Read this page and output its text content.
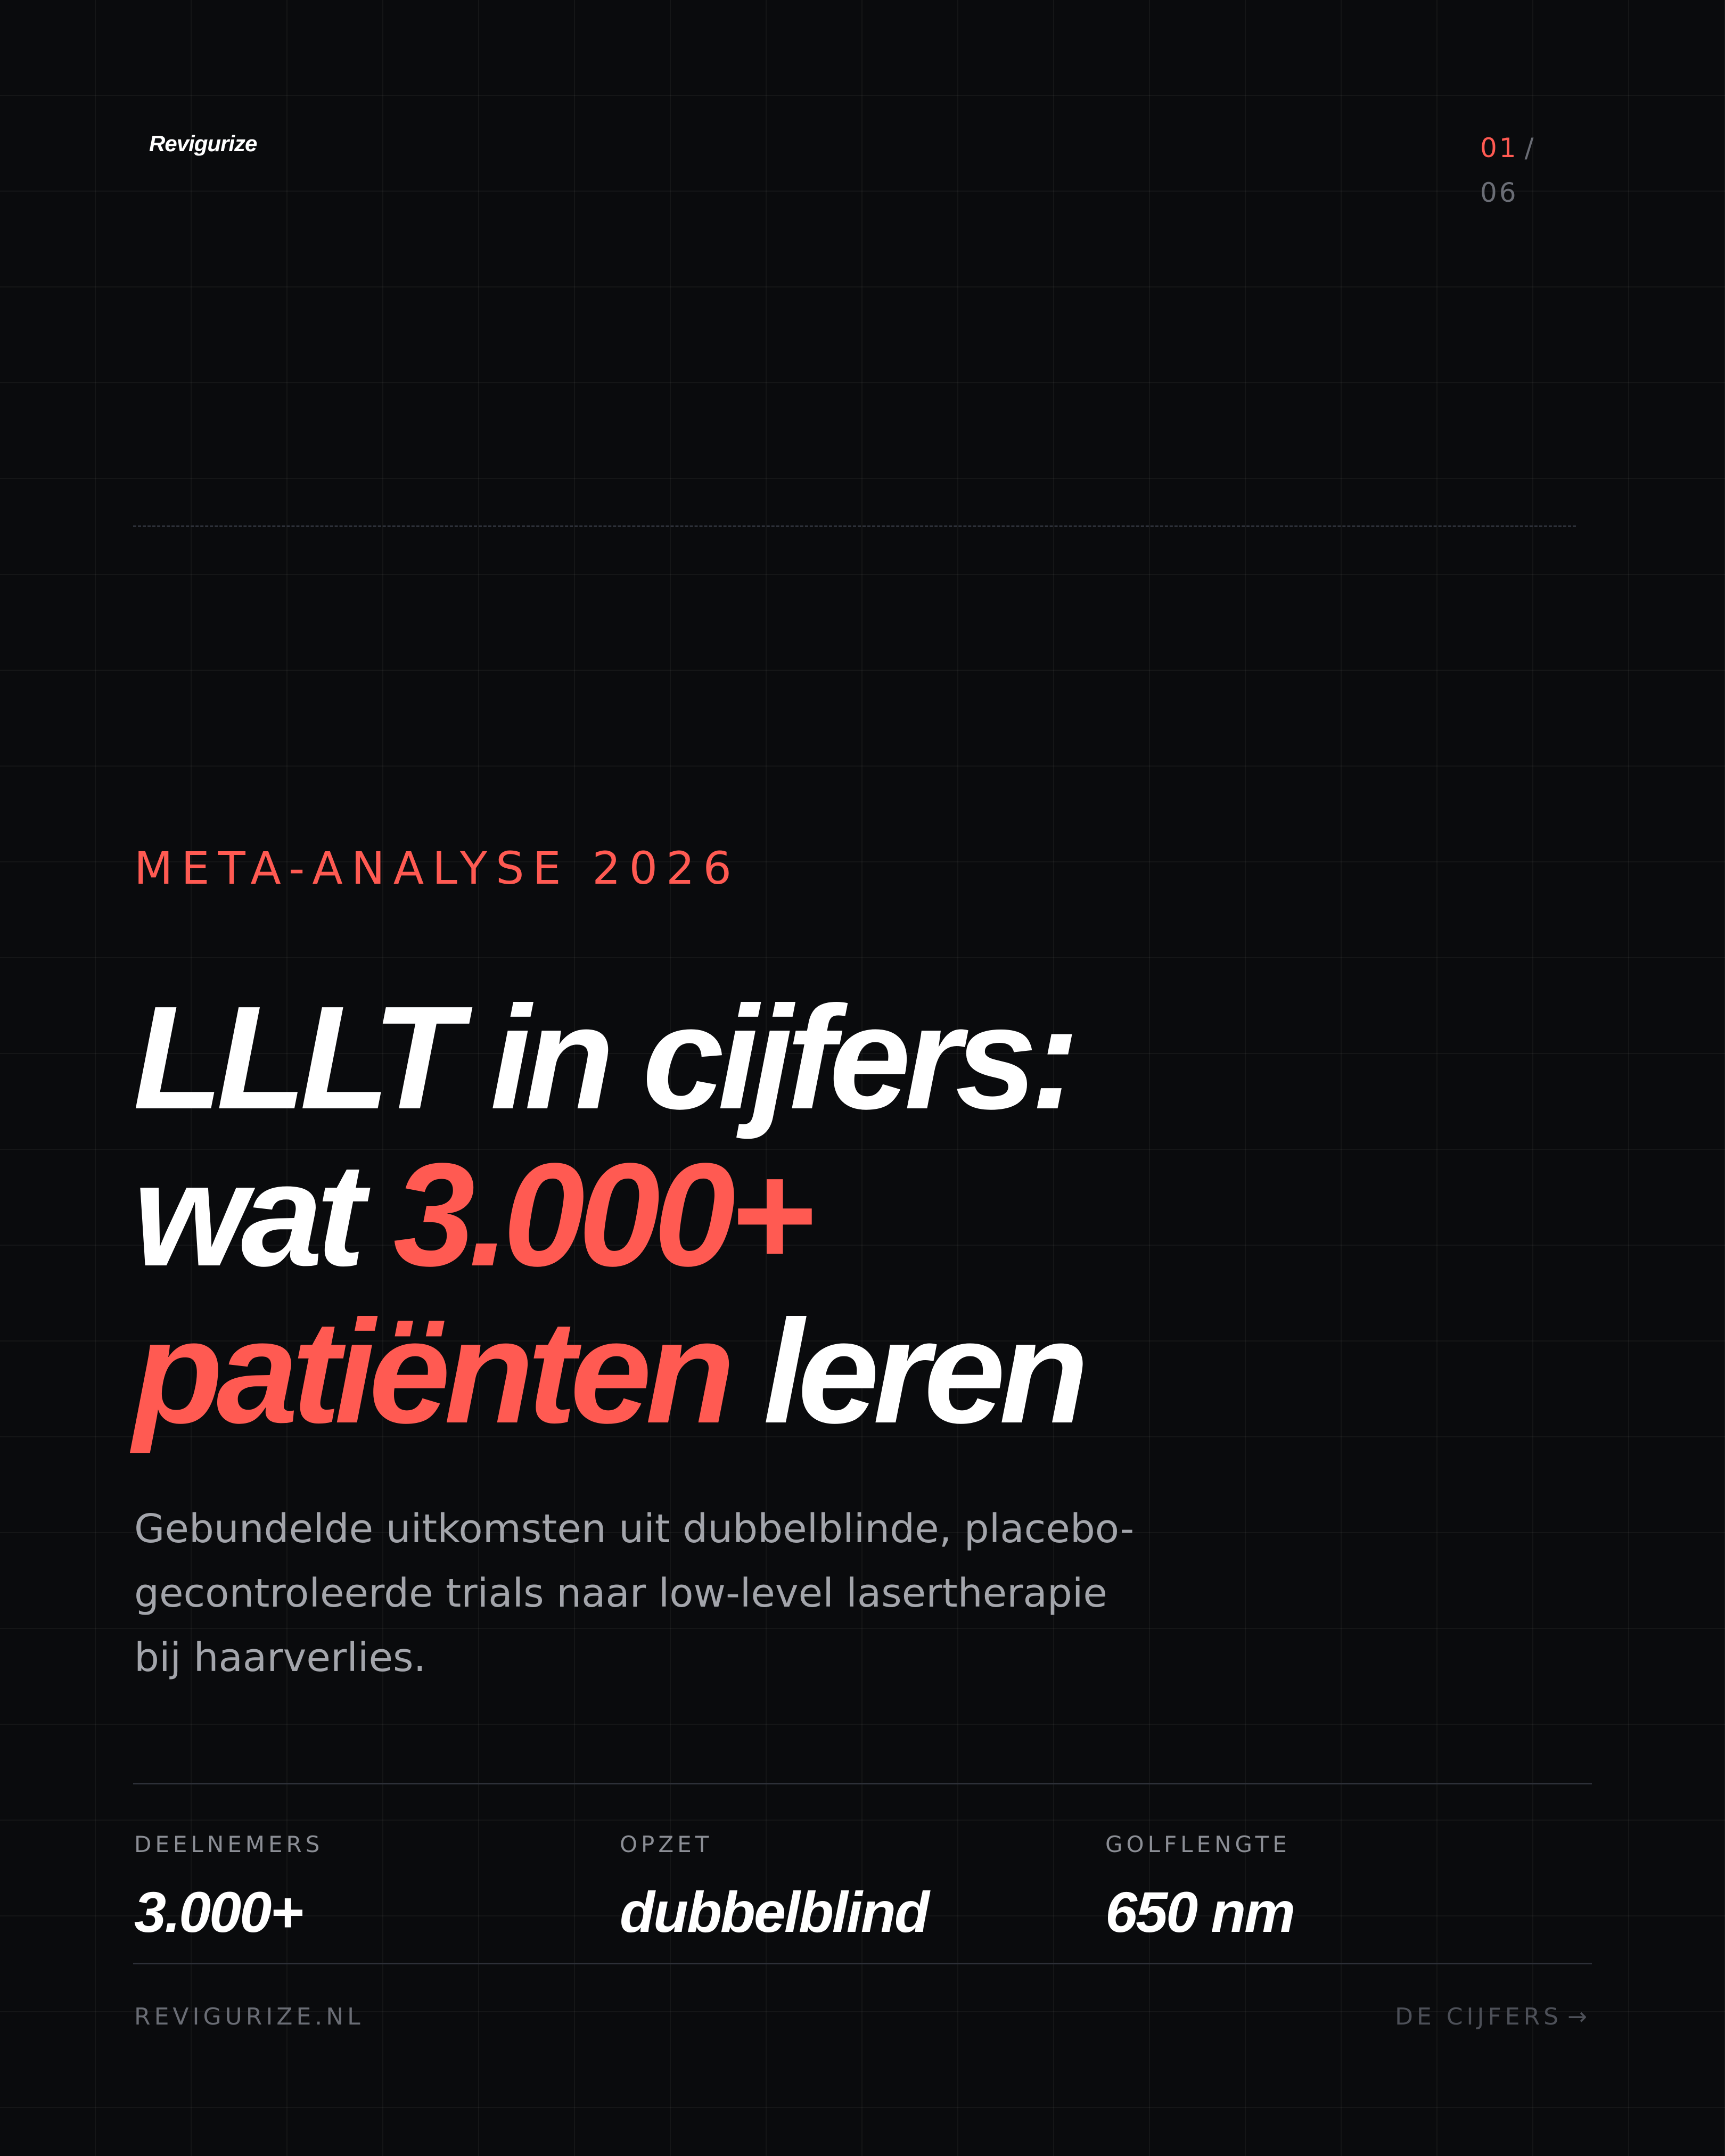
Revigurize	01 /
06
META-ANALYSE 2026
LLLT in cijfers:
wat 3.000+
patiënten leren

Gebundelde uitkomsten uit dubbelblinde, placebo-
gecontroleerde trials naar low-level lasertherapie
bij haarverlies.

DEELNEMERS
3.000+
OPZET
dubbelblind
GOLFLENGTE
650 nm
REVIGURIZE.NL	DE CIJFERS →
